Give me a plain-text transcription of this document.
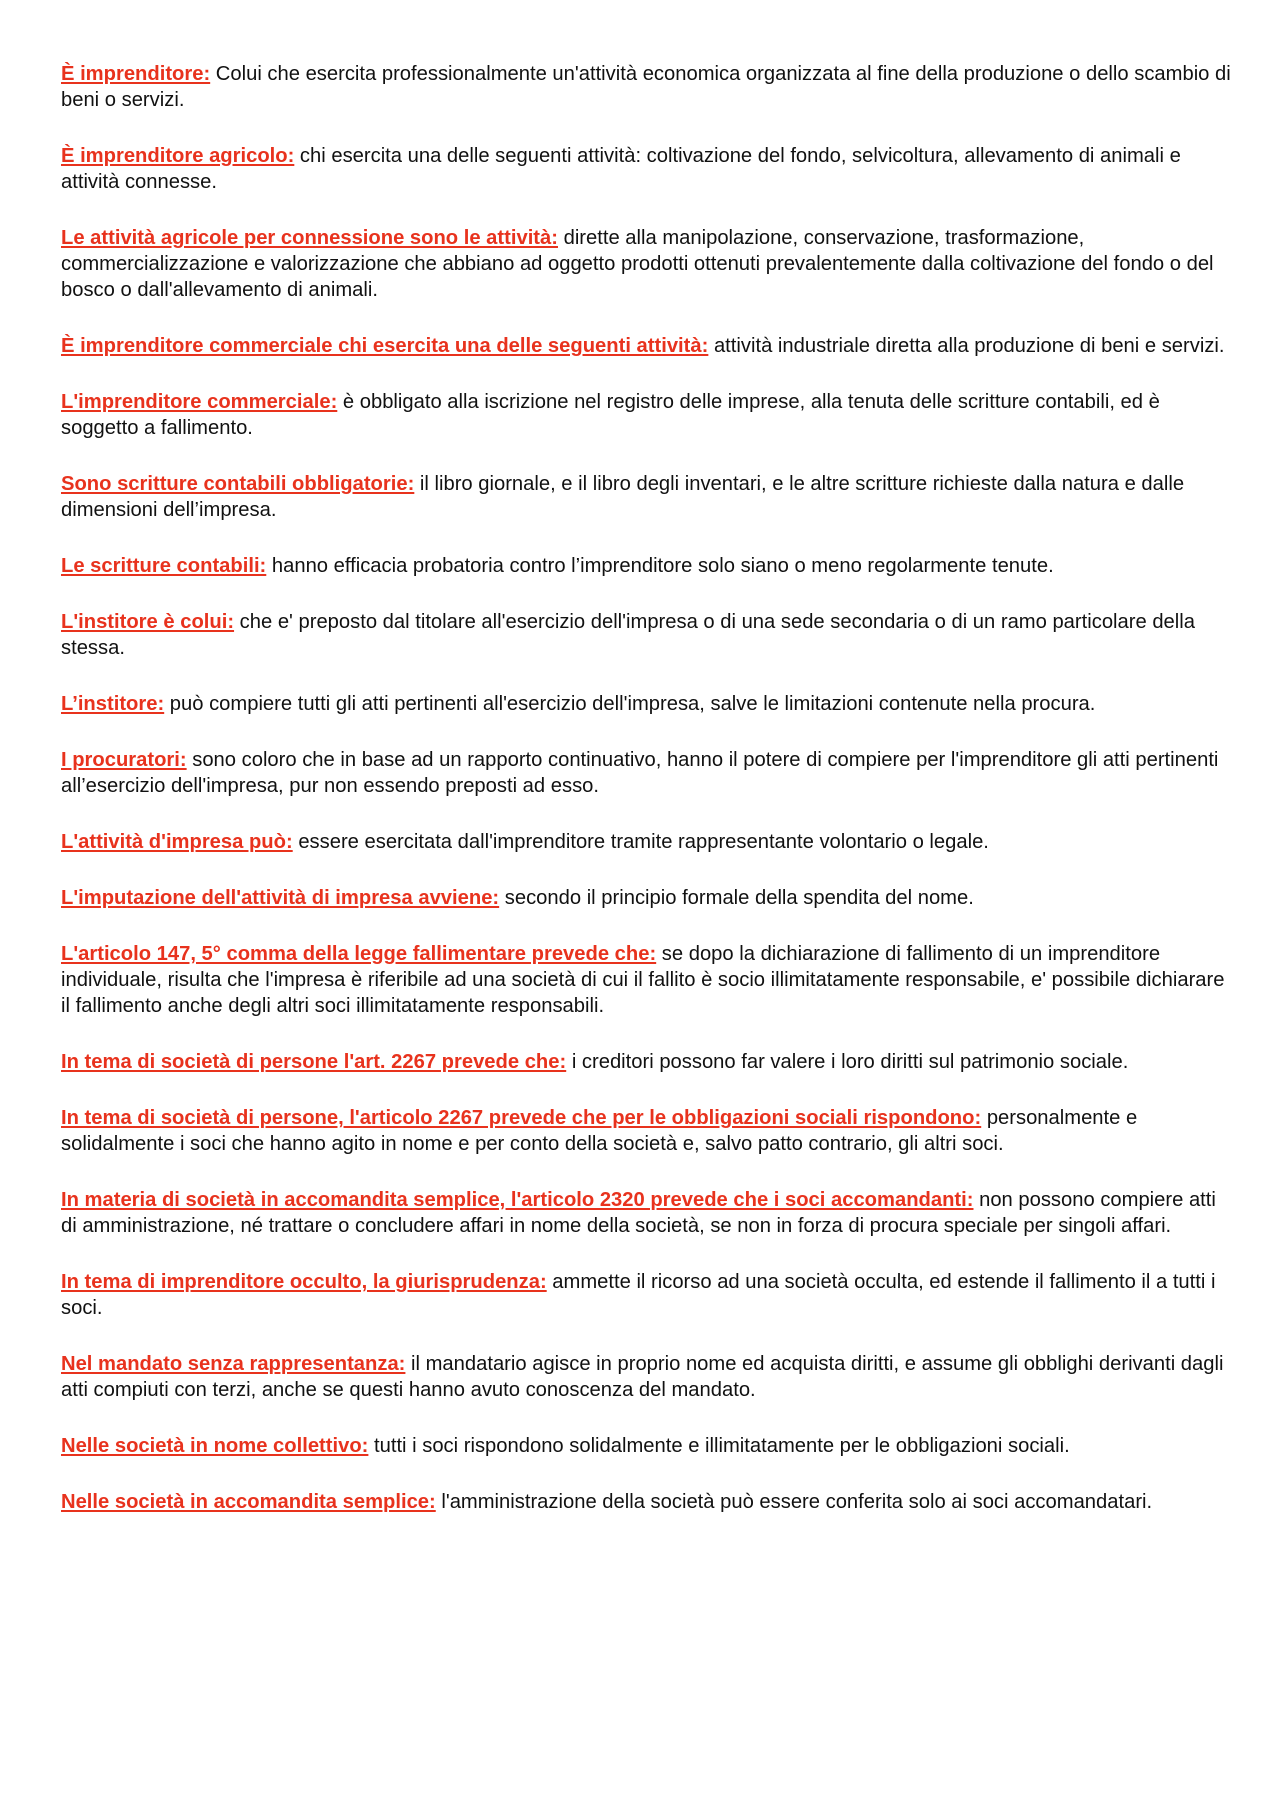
È imprenditore: Colui che esercita professionalmente un'attività economica organizzata al fine della produzione o dello scambio di beni o servizi.

È imprenditore agricolo: chi esercita una delle seguenti attività: coltivazione del fondo, selvicoltura, allevamento di animali e attività connesse.

Le attività agricole per connessione sono le attività: dirette alla manipolazione, conservazione, trasformazione, commercializzazione e valorizzazione che abbiano ad oggetto prodotti ottenuti prevalentemente dalla coltivazione del fondo o del bosco o dall'allevamento di animali.

È imprenditore commerciale chi esercita una delle seguenti attività: attività industriale diretta alla produzione di beni e servizi.

L'imprenditore commerciale: è obbligato alla iscrizione nel registro delle imprese, alla tenuta delle scritture contabili, ed è soggetto a fallimento.

Sono scritture contabili obbligatorie: il libro giornale, e il libro degli inventari, e le altre scritture richieste dalla natura e dalle dimensioni dell’impresa.

Le scritture contabili: hanno efficacia probatoria contro l’imprenditore solo siano o meno regolarmente tenute.

L'institore è colui: che e' preposto dal titolare all'esercizio dell'impresa o di una sede secondaria o di un ramo particolare della stessa.

L’institore: può compiere tutti gli atti pertinenti all'esercizio dell'impresa, salve le limitazioni contenute nella procura.

I procuratori: sono coloro che in base ad un rapporto continuativo, hanno il potere di compiere per l'imprenditore gli atti pertinenti all’esercizio dell'impresa, pur non essendo preposti ad esso.

L'attività d'impresa può: essere esercitata dall'imprenditore tramite rappresentante volontario o legale.

L'imputazione dell'attività di impresa avviene: secondo il principio formale della spendita del nome.

L'articolo 147, 5° comma della legge fallimentare prevede che: se dopo la dichiarazione di fallimento di un imprenditore individuale, risulta che l'impresa è riferibile ad una società di cui il fallito è socio illimitatamente responsabile, e' possibile dichiarare il fallimento anche degli altri soci illimitatamente responsabili.

In tema di società di persone l'art. 2267 prevede che: i creditori possono far valere i loro diritti sul patrimonio sociale.

In tema di società di persone, l'articolo 2267 prevede che per le obbligazioni sociali rispondono: personalmente e solidalmente i soci che hanno agito in nome e per conto della società e, salvo patto contrario, gli altri soci.

In materia di società in accomandita semplice, l'articolo 2320 prevede che i soci accomandanti: non possono compiere atti di amministrazione, né trattare o concludere affari in nome della società, se non in forza di procura speciale per singoli affari.

In tema di imprenditore occulto, la giurisprudenza: ammette il ricorso ad una società occulta, ed estende il fallimento il a tutti i soci.

Nel mandato senza rappresentanza: il mandatario agisce in proprio nome ed acquista diritti, e assume gli obblighi derivanti dagli atti compiuti con terzi, anche se questi hanno avuto conoscenza del mandato.

Nelle società in nome collettivo: tutti i soci rispondono solidalmente e illimitatamente per le obbligazioni sociali.

Nelle società in accomandita semplice: l'amministrazione della società può essere conferita solo ai soci accomandatari.
